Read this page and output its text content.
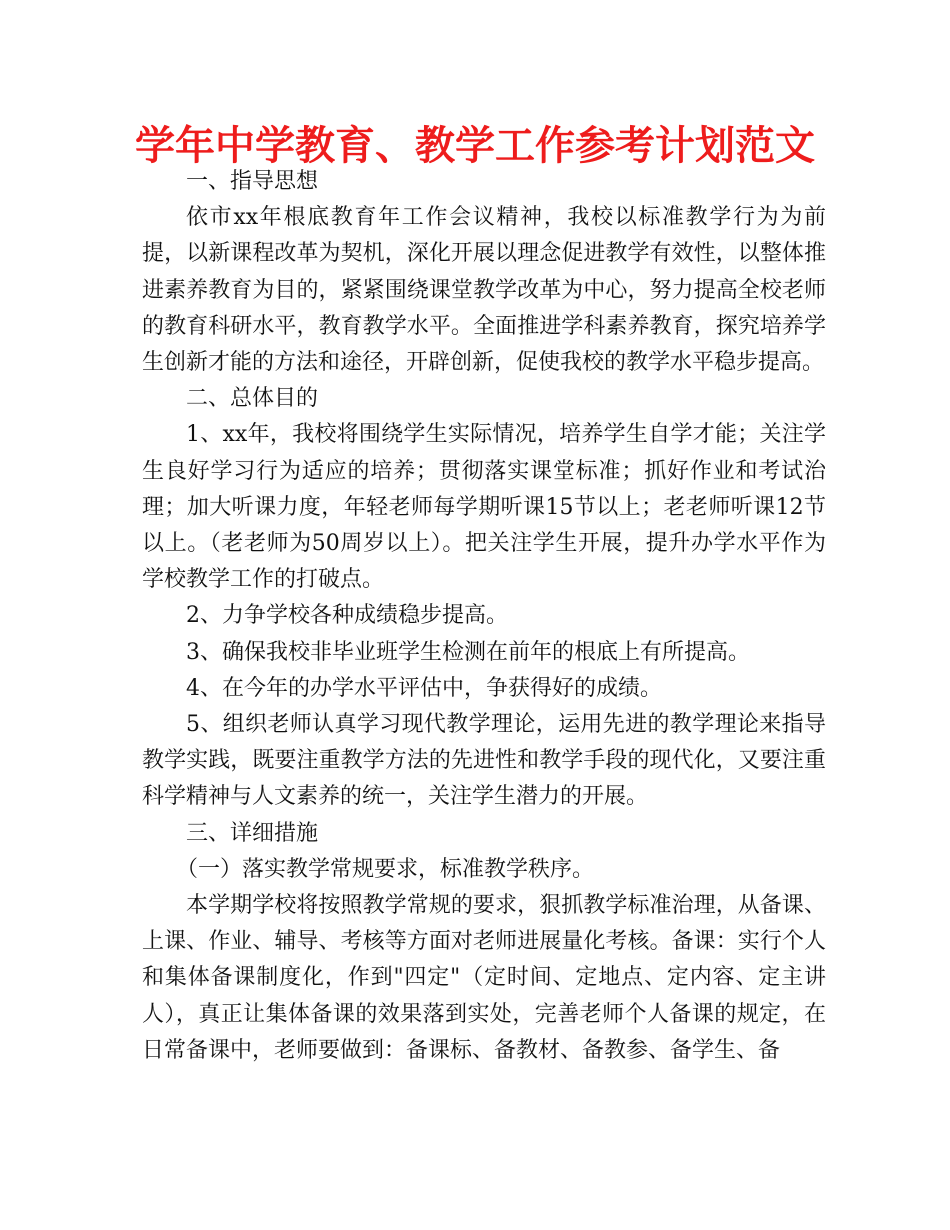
学年中学教育、教学工作参考计划范文

一、指导思想

依市xx年根底教育年工作会议精神，我校以标准教学行为为前提，以新课程改革为契机，深化开展以理念促进教学有效性，以整体推进素养教育为目的，紧紧围绕课堂教学改革为中心，努力提高全校老师的教育科研水平，教育教学水平。全面推进学科素养教育，探究培养学生创新才能的方法和途径，开辟创新，促使我校的教学水平稳步提高。

二、总体目的

1、xx年，我校将围绕学生实际情况，培养学生自学才能；关注学生良好学习行为适应的培养；贯彻落实课堂标准；抓好作业和考试治理；加大听课力度，年轻老师每学期听课15节以上；老老师听课12节以上。（老老师为50周岁以上）。把关注学生开展，提升办学水平作为学校教学工作的打破点。

2、力争学校各种成绩稳步提高。

3、确保我校非毕业班学生检测在前年的根底上有所提高。

4、在今年的办学水平评估中，争获得好的成绩。

5、组织老师认真学习现代教学理论，运用先进的教学理论来指导教学实践，既要注重教学方法的先进性和教学手段的现代化，又要注重科学精神与人文素养的统一，关注学生潜力的开展。

三、详细措施

（一）落实教学常规要求，标准教学秩序。

本学期学校将按照教学常规的要求，狠抓教学标准治理，从备课、上课、作业、辅导、考核等方面对老师进展量化考核。备课：实行个人和集体备课制度化，作到"四定"（定时间、定地点、定内容、定主讲人），真正让集体备课的效果落到实处，完善老师个人备课的规定，在日常备课中，老师要做到：备课标、备教材、备教参、备学生、备
